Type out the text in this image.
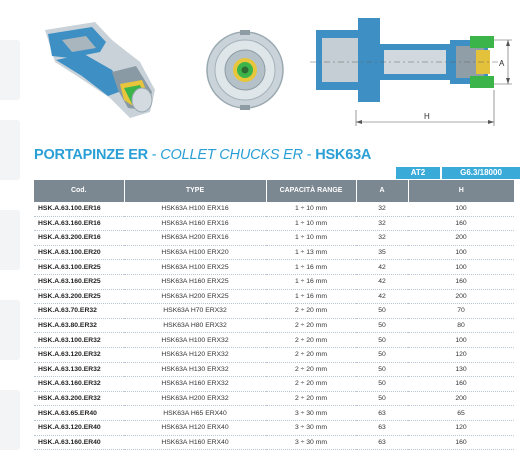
A
H
PORTAPINZE ER - COLLET CHUCKS ER - HSK63A
AT2	G6.3/18000
Cod.	TYPE	CAPACITÀ RANGE	A	H
HSK.A.63.100.ER16	HSK63A H100 ERX16	1 ÷ 10 mm	32	100
HSK.A.63.160.ER16	HSK63A H160 ERX16	1 ÷ 10 mm	32	160
HSK.A.63.200.ER16	HSK63A H200 ERX16	1 ÷ 10 mm	32	200
HSK.A.63.100.ER20	HSK63A H100 ERX20	1 ÷ 13 mm	35	100
HSK.A.63.100.ER25	HSK63A H100 ERX25	1 ÷ 16 mm	42	100
HSK.A.63.160.ER25	HSK63A H160 ERX25	1 ÷ 16 mm	42	160
HSK.A.63.200.ER25	HSK63A H200 ERX25	1 ÷ 16 mm	42	200
HSK.A.63.70.ER32	HSK63A H70 ERX32	2 ÷ 20 mm	50	70
HSK.A.63.80.ER32	HSK63A H80 ERX32	2 ÷ 20 mm	50	80
HSK.A.63.100.ER32	HSK63A H100 ERX32	2 ÷ 20 mm	50	100
HSK.A.63.120.ER32	HSK63A H120 ERX32	2 ÷ 20 mm	50	120
HSK.A.63.130.ER32	HSK63A H130 ERX32	2 ÷ 20 mm	50	130
HSK.A.63.160.ER32	HSK63A H160 ERX32	2 ÷ 20 mm	50	160
HSK.A.63.200.ER32	HSK63A H200 ERX32	2 ÷ 20 mm	50	200
HSK.A.63.65.ER40	HSK63A H65 ERX40	3 ÷ 30 mm	63	65
HSK.A.63.120.ER40	HSK63A H120 ERX40	3 ÷ 30 mm	63	120
HSK.A.63.160.ER40	HSK63A H160 ERX40	3 ÷ 30 mm	63	160
